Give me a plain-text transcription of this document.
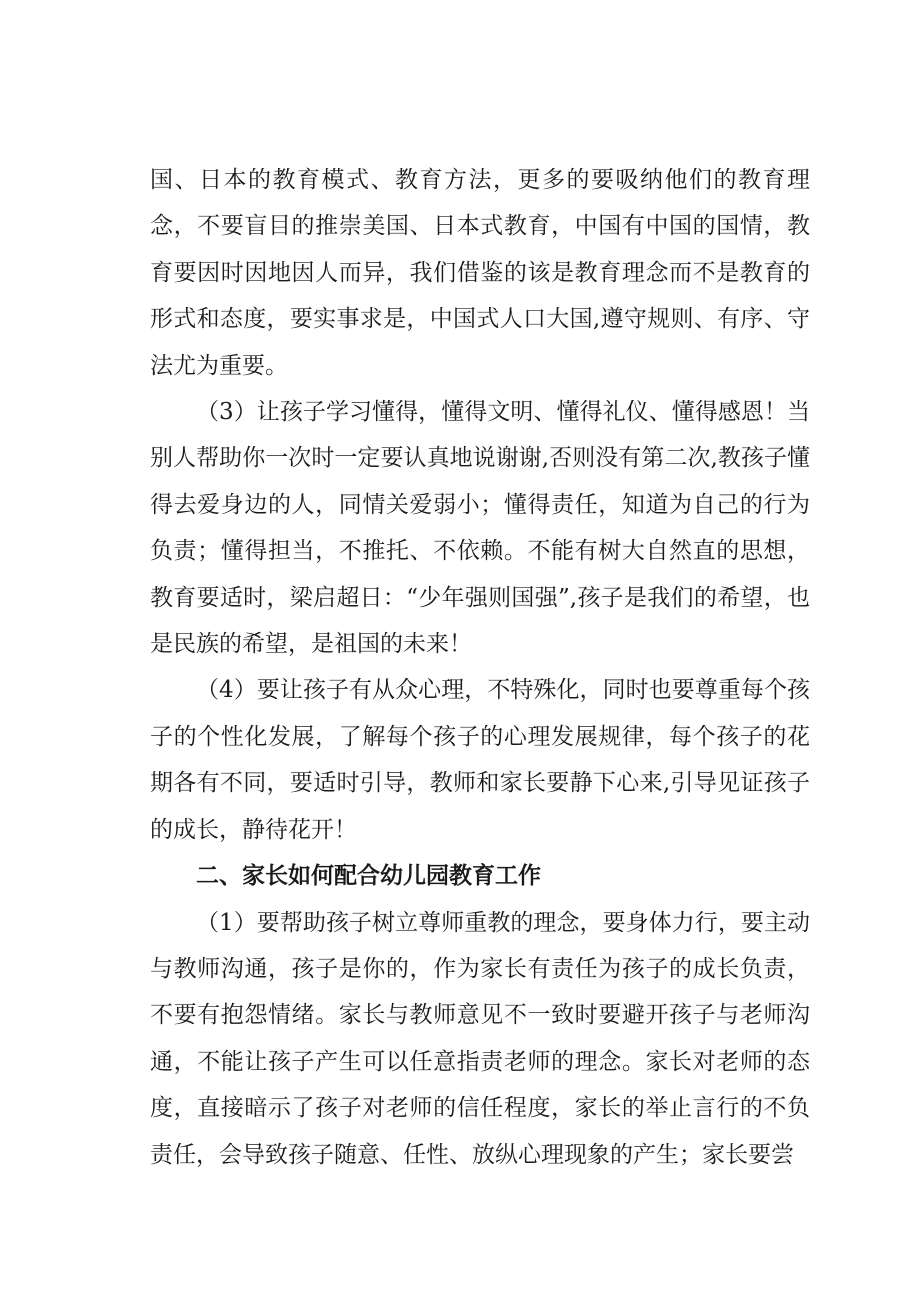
国、日本的教育模式、教育方法，更多的要吸纳他们的教育理念，不要盲目的推崇美国、日本式教育，中国有中国的国情，教育要因时因地因人而异，我们借鉴的该是教育理念而不是教育的形式和态度，要实事求是，中国式人口大国,遵守规则、有序、守法尤为重要。

（3）让孩子学习懂得，懂得文明、懂得礼仪、懂得感恩！当别人帮助你一次时一定要认真地说谢谢,否则没有第二次,教孩子懂得去爱身边的人，同情关爱弱小；懂得责任，知道为自己的行为负责；懂得担当，不推托、不依赖。不能有树大自然直的思想，教育要适时，梁启超日：“少年强则国强”,孩子是我们的希望，也是民族的希望，是祖国的未来！

（4）要让孩子有从众心理，不特殊化，同时也要尊重每个孩子的个性化发展，了解每个孩子的心理发展规律，每个孩子的花期各有不同，要适时引导，教师和家长要静下心来,引导见证孩子的成长，静待花开！

二、家长如何配合幼儿园教育工作

（1）要帮助孩子树立尊师重教的理念，要身体力行，要主动与教师沟通，孩子是你的，作为家长有责任为孩子的成长负责，不要有抱怨情绪。家长与教师意见不一致时要避开孩子与老师沟通，不能让孩子产生可以任意指责老师的理念。家长对老师的态度，直接暗示了孩子对老师的信任程度，家长的举止言行的不负责任，会导致孩子随意、任性、放纵心理现象的产生；家长要尝
